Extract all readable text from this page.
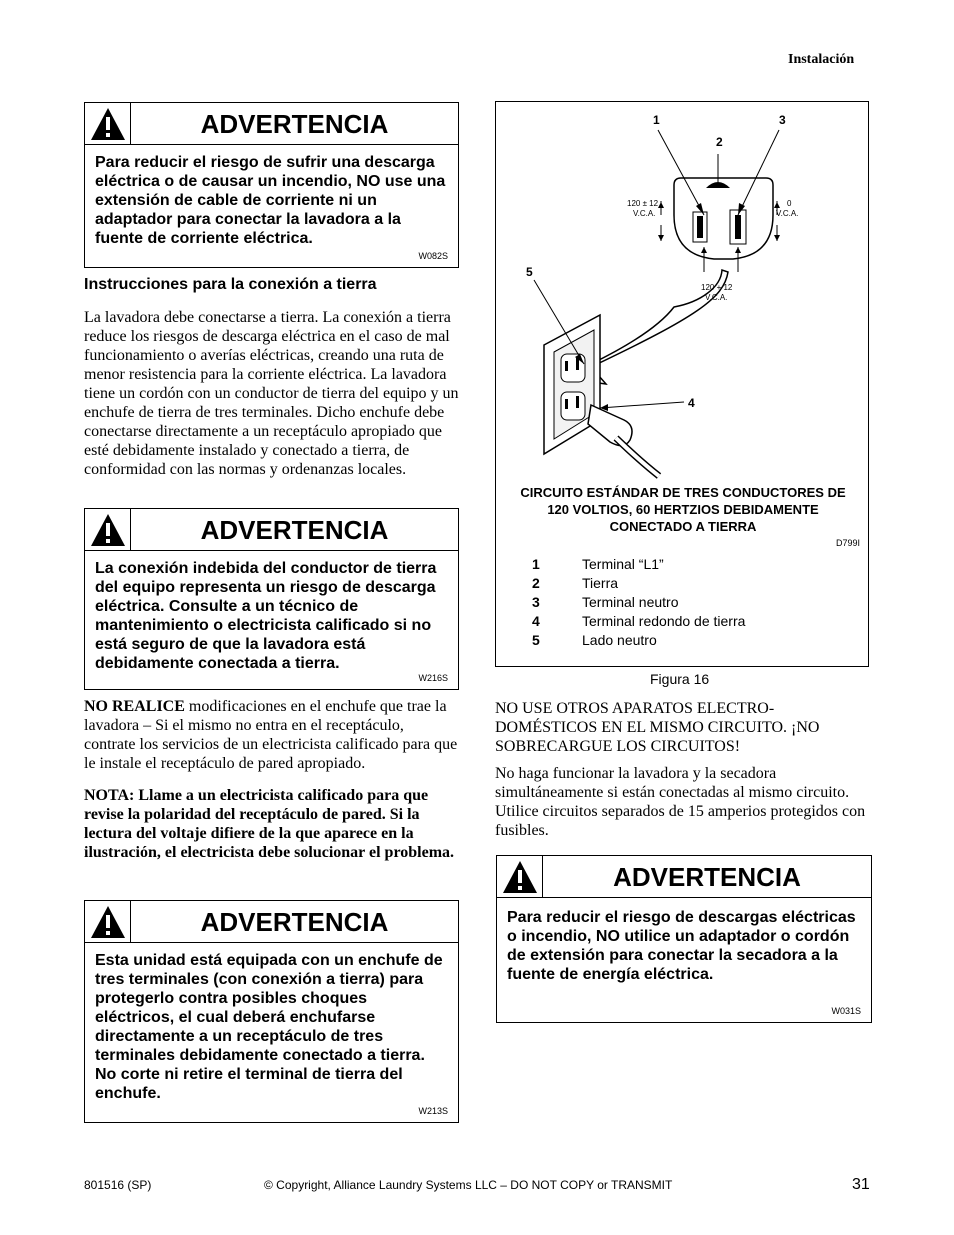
Instalación
ADVERTENCIA
Para reducir el riesgo de sufrir una descarga eléctrica o de causar un incendio, NO use una extensión de cable de corriente ni un adaptador para conectar la lavadora a la fuente de corriente eléctrica.
W082S
Instrucciones para la conexión a tierra
La lavadora debe conectarse a tierra. La conexión a tierra reduce los riesgos de descarga eléctrica en el caso de mal funcionamiento o averías eléctricas, creando una ruta de menor resistencia para la corriente eléctrica. La lavadora tiene un cordón con un conductor de tierra del equipo y un enchufe de tierra de tres terminales. Dicho enchufe debe conectarse directamente a un receptáculo apropiado que esté debidamente instalado y conectado a tierra, de conformidad con las normas y ordenanzas locales.
ADVERTENCIA
La conexión indebida del conductor de tierra del equipo representa un riesgo de descarga eléctrica. Consulte a un técnico de mantenimiento o electricista calificado si no está seguro de que la lavadora está debidamente conectada a tierra.
W216S
NO REALICE modificaciones en el enchufe que trae la lavadora – Si el mismo no entra en el receptáculo, contrate los servicios de un electricista calificado para que le instale el receptáculo de pared apropiado.
NOTA: Llame a un electricista calificado para que revise la polaridad del receptáculo de pared. Si la lectura del voltaje difiere de la que aparece en la ilustración, el electricista debe solucionar el problema.
ADVERTENCIA
Esta unidad está equipada con un enchufe de tres terminales (con conexión a tierra) para protegerlo contra posibles choques eléctricos, el cual deberá enchufarse directamente a un receptáculo de tres terminales debidamente conectado a tierra. No corte ni retire el terminal de tierra del enchufe.
W213S
1
2
3
5
4
120 ± 12
V.C.A.
0
V.C.A.
120 + 12
V.C.A.
CIRCUITO ESTÁNDAR DE TRES CONDUCTORES DE 120 VOLTIOS, 60 HERTZIOS DEBIDAMENTE CONECTADO A TIERRA
D799I
1	Terminal “L1”
2	Tierra
3	Terminal neutro
4	Terminal redondo de tierra
5	Lado neutro
Figura 16
NO USE OTROS APARATOS ELECTRO-DOMÉSTICOS EN EL MISMO CIRCUITO. ¡NO SOBRECARGUE LOS CIRCUITOS!
No haga funcionar la lavadora y la secadora simultáneamente si están conectadas al mismo circuito. Utilice circuitos separados de 15 amperios protegidos con fusibles.
ADVERTENCIA
Para reducir el riesgo de descargas eléctricas o incendio, NO utilice un adaptador o cordón de extensión para conectar la secadora a la fuente de energía eléctrica.
W031S
801516 (SP)	© Copyright, Alliance Laundry Systems LLC – DO NOT COPY or TRANSMIT	31
